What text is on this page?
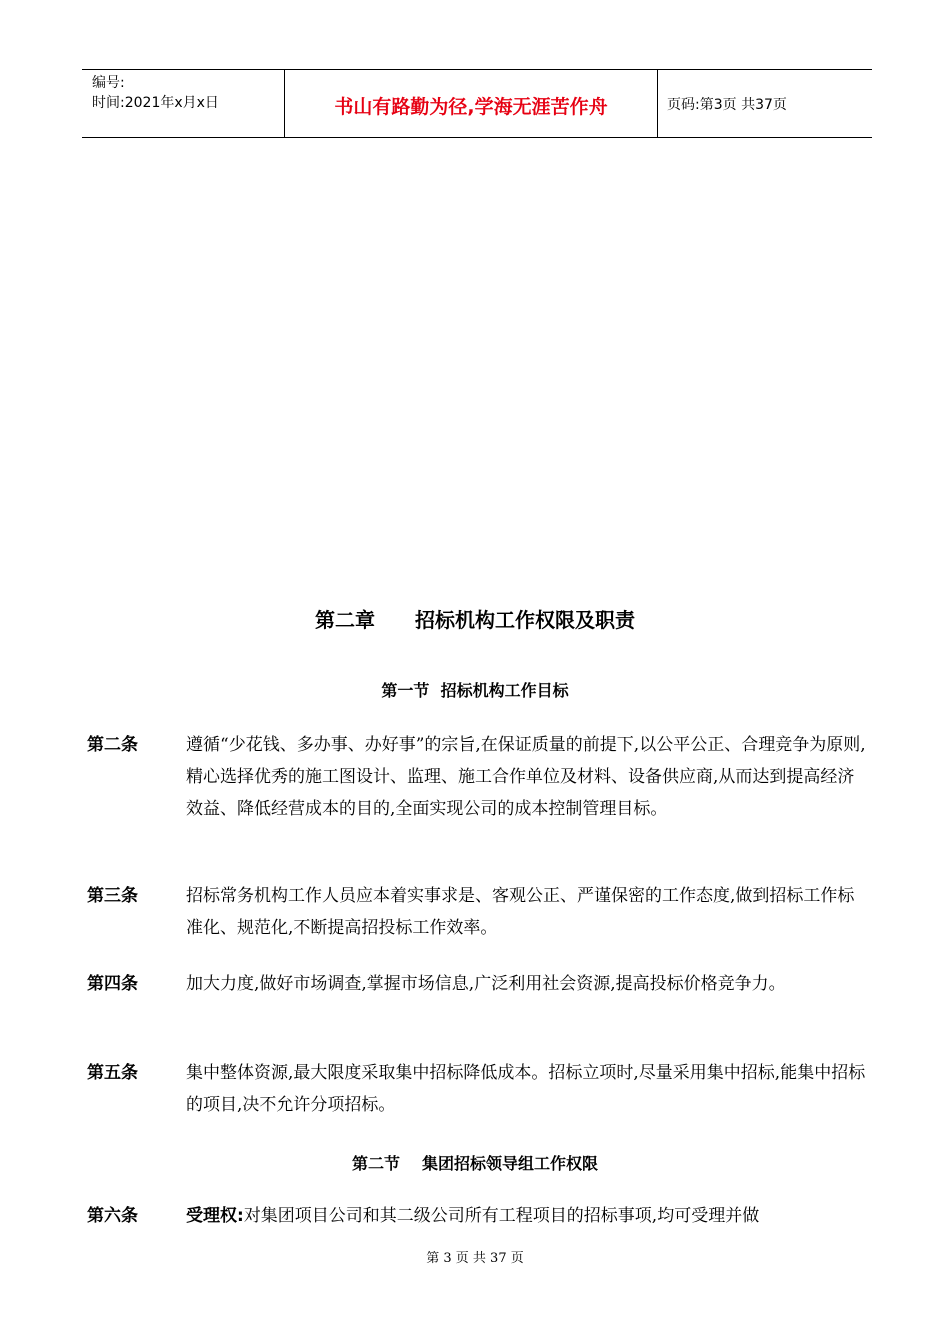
编号:
时间:2021年x月x日	书山有路勤为径,学海无涯苦作舟	页码:第3页 共37页
第二章 招标机构工作权限及职责
第一节 招标机构工作目标
第二条	遵循“少花钱、多办事、办好事”的宗旨,在保证质量的前提下,以公平公正、合理竞争为原则,精心选择优秀的施工图设计、监理、施工合作单位及材料、设备供应商,从而达到提高经济效益、降低经营成本的目的,全面实现公司的成本控制管理目标。
第三条	招标常务机构工作人员应本着实事求是、客观公正、严谨保密的工作态度,做到招标工作标准化、规范化,不断提高招投标工作效率。
第四条	加大力度,做好市场调查,掌握市场信息,广泛利用社会资源,提高投标价格竞争力。
第五条	集中整体资源,最大限度采取集中招标降低成本。招标立项时,尽量采用集中招标,能集中招标的项目,决不允许分项招标。
第二节 集团招标领导组工作权限
第六条	受理权:对集团项目公司和其二级公司所有工程项目的招标事项,均可受理并做
第 3 页 共 37 页
